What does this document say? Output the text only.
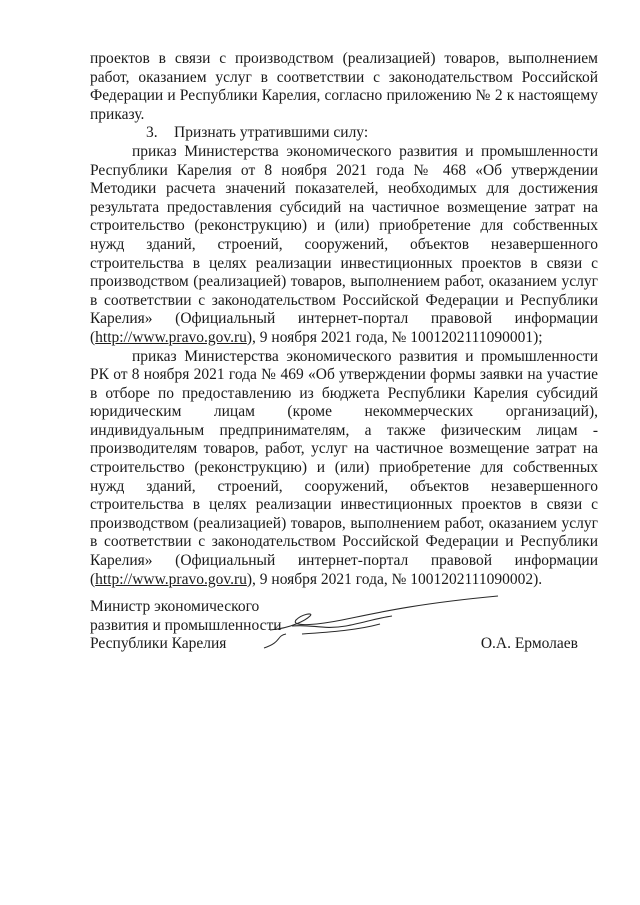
проектов в связи с производством (реализацией) товаров, выполнением работ, оказанием услуг в соответствии с законодательством Российской Федерации и Республики Карелия, согласно приложению № 2 к настоящему приказу.

3. Признать утратившими силу:

приказ Министерства экономического развития и промышленности Республики Карелия от 8 ноября 2021 года № 468 «Об утверждении Методики расчета значений показателей, необходимых для достижения результата предоставления субсидий на частичное возмещение затрат на строительство (реконструкцию) и (или) приобретение для собственных нужд зданий, строений, сооружений, объектов незавершенного строительства в целях реализации инвестиционных проектов в связи с производством (реализацией) товаров, выполнением работ, оказанием услуг в соответствии с законодательством Российской Федерации и Республики Карелия» (Официальный интернет-портал правовой информации (http://www.pravo.gov.ru), 9 ноября 2021 года, № 1001202111090001);

приказ Министерства экономического развития и промышленности РК от 8 ноября 2021 года № 469 «Об утверждении формы заявки на участие в отборе по предоставлению из бюджета Республики Карелия субсидий юридическим лицам (кроме некоммерческих организаций), индивидуальным предпринимателям, а также физическим лицам - производителям товаров, работ, услуг на частичное возмещение затрат на строительство (реконструкцию) и (или) приобретение для собственных нужд зданий, строений, сооружений, объектов незавершенного строительства в целях реализации инвестиционных проектов в связи с производством (реализацией) товаров, выполнением работ, оказанием услуг в соответствии с законодательством Российской Федерации и Республики Карелия» (Официальный интернет-портал правовой информации (http://www.pravo.gov.ru), 9 ноября 2021 года, № 1001202111090002).

Министр экономического
развития и промышленности
Республики Карелия	О.А. Ермолаев
